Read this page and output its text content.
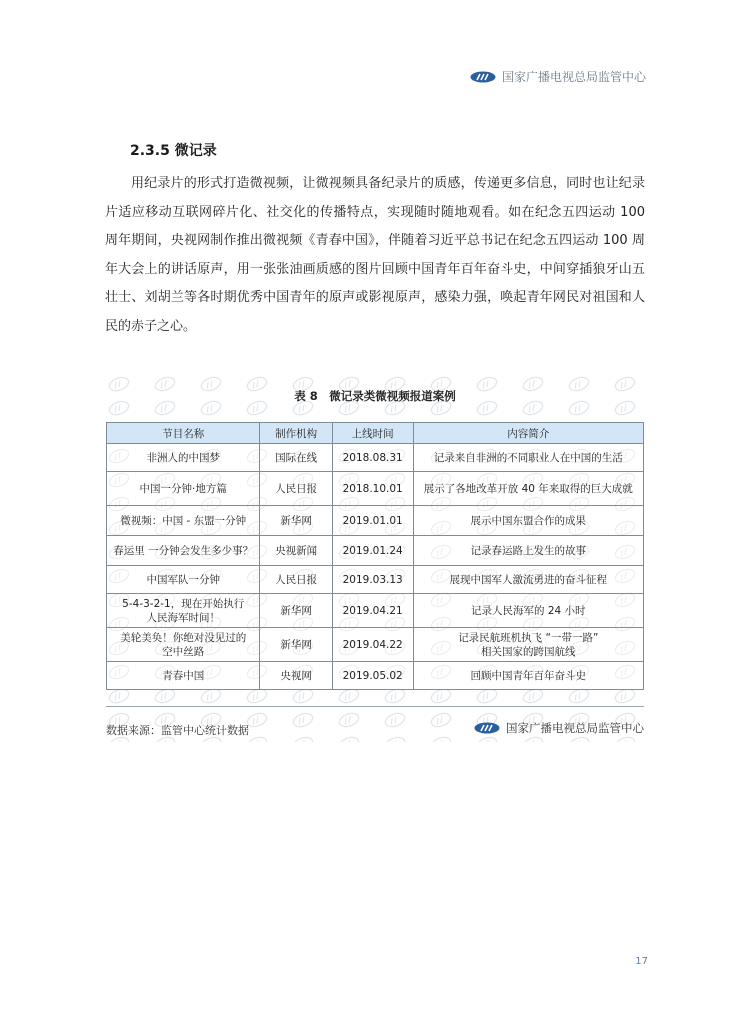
国家广播电视总局监管中心
2.3.5 微记录

用纪录片的形式打造微视频，让微视频具备纪录片的质感，传递更多信息，同时也让纪录片适应移动互联网碎片化、社交化的传播特点，实现随时随地观看。如在纪念五四运动 100 周年期间，央视网制作推出微视频《青春中国》，伴随着习近平总书记在纪念五四运动 100 周年大会上的讲话原声，用一张张油画质感的图片回顾中国青年百年奋斗史，中间穿插狼牙山五壮士、刘胡兰等各时期优秀中国青年的原声或影视原声，感染力强，唤起青年网民对祖国和人民的赤子之心。

表 8　微记录类微视频报道案例
节目名称	制作机构	上线时间	内容简介
非洲人的中国梦	国际在线	2018.08.31	记录来自非洲的不同职业人在中国的生活
中国一分钟·地方篇	人民日报	2018.10.01	展示了各地改革开放 40 年来取得的巨大成就
微视频：中国 - 东盟一分钟	新华网	2019.01.01	展示中国东盟合作的成果
春运里 一分钟会发生多少事？	央视新闻	2019.01.24	记录春运路上发生的故事
中国军队一分钟	人民日报	2019.03.13	展现中国军人激流勇进的奋斗征程
5-4-3-2-1，现在开始执行
人民海军时间！	新华网	2019.04.21	记录人民海军的 24 小时
美轮美奂！你绝对没见过的
空中丝路	新华网	2019.04.22	记录民航班机执飞 “一带一路”
相关国家的跨国航线
青春中国	央视网	2019.05.02	回顾中国青年百年奋斗史
数据来源：监管中心统计数据	国家广播电视总局监管中心
17
